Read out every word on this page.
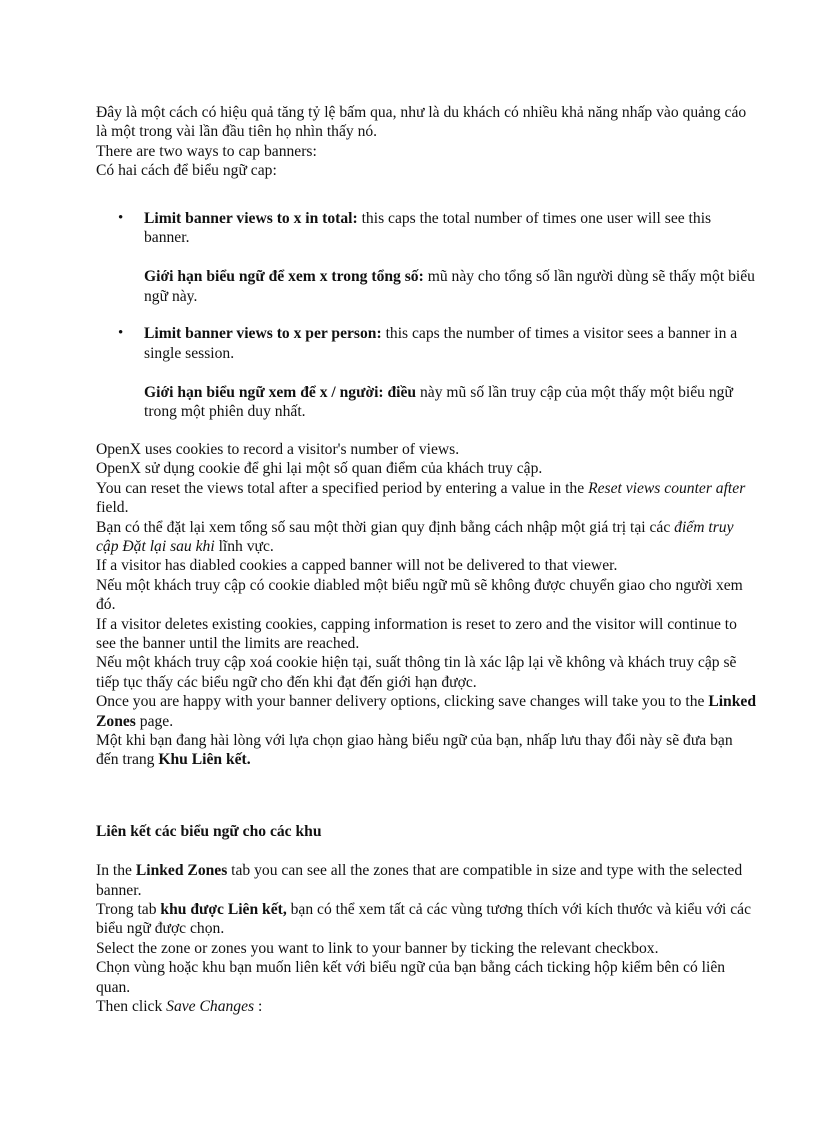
Đây là một cách có hiệu quả tăng tỷ lệ bấm qua, như là du khách có nhiều khả năng nhấp vào quảng cáo là một trong vài lần đầu tiên họ nhìn thấy nó.

There are two ways to cap banners:

Có hai cách để biểu ngữ cap:

• Limit banner views to x in total: this caps the total number of times one user will see this banner.

Giới hạn biểu ngữ để xem x trong tổng số: mũ này cho tổng số lần người dùng sẽ thấy một biểu ngữ này.

• Limit banner views to x per person: this caps the number of times a visitor sees a banner in a single session.

Giới hạn biểu ngữ xem để x / người: điều này mũ số lần truy cập của một thấy một biểu ngữ trong một phiên duy nhất.

OpenX uses cookies to record a visitor's number of views.

OpenX sử dụng cookie để ghi lại một số quan điểm của khách truy cập.

You can reset the views total after a specified period by entering a value in the Reset views counter after field.

Bạn có thể đặt lại xem tổng số sau một thời gian quy định bằng cách nhập một giá trị tại các điểm truy cập Đặt lại sau khi lĩnh vực.

If a visitor has diabled cookies a capped banner will not be delivered to that viewer.

Nếu một khách truy cập có cookie diabled một biểu ngữ mũ sẽ không được chuyển giao cho người xem đó.

If a visitor deletes existing cookies, capping information is reset to zero and the visitor will continue to see the banner until the limits are reached.

Nếu một khách truy cập xoá cookie hiện tại, suất thông tin là xác lập lại về không và khách truy cập sẽ tiếp tục thấy các biểu ngữ cho đến khi đạt đến giới hạn được.

Once you are happy with your banner delivery options, clicking save changes will take you to the Linked Zones page.

Một khi bạn đang hài lòng với lựa chọn giao hàng biểu ngữ của bạn, nhấp lưu thay đổi này sẽ đưa bạn đến trang Khu Liên kết.

Liên kết các biểu ngữ cho các khu

In the Linked Zones tab you can see all the zones that are compatible in size and type with the selected banner.

Trong tab khu được Liên kết, bạn có thể xem tất cả các vùng tương thích với kích thước và kiểu với các biểu ngữ được chọn.

Select the zone or zones you want to link to your banner by ticking the relevant checkbox.

Chọn vùng hoặc khu bạn muốn liên kết với biểu ngữ của bạn bằng cách ticking hộp kiểm bên có liên quan.

Then click Save Changes :
